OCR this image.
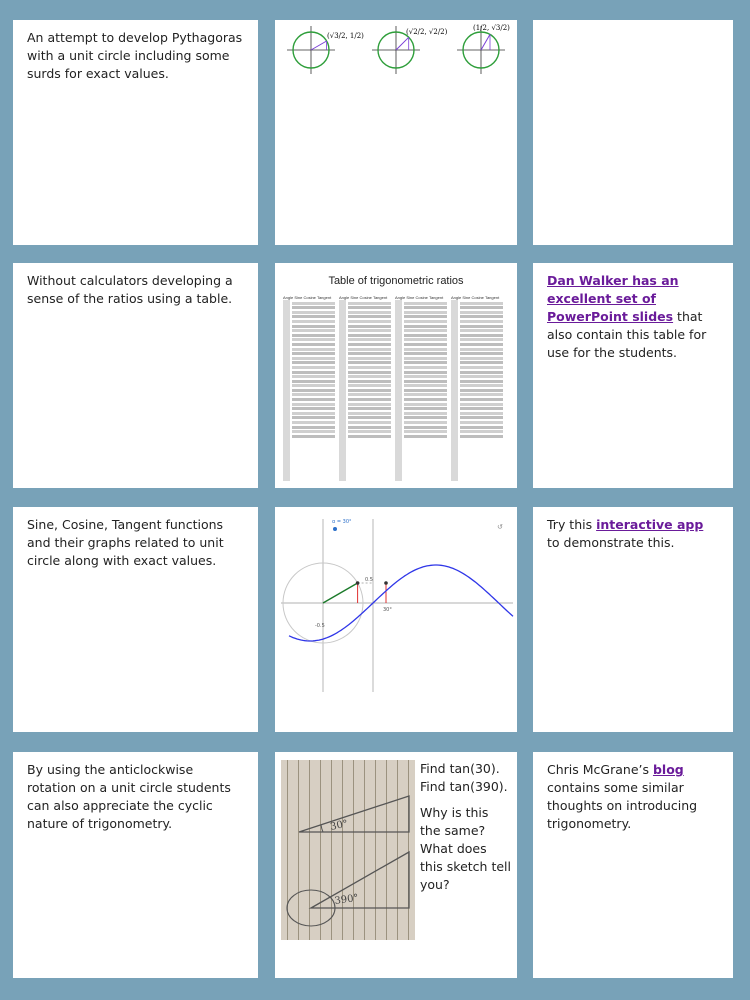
An attempt to develop Pythagoras with a unit circle including some surds for exact values.

(√3/2, 1/2)	(√2/2, √2/2)	(1/2, √3/2)

Without calculators developing a sense of the ratios using a table.

Table of trigonometric ratios
Angle Sine Cosine Tangent	Angle Sine Cosine Tangent	Angle Sine Cosine Tangent	Angle Sine Cosine Tangent

Dan Walker has an excellent set of PowerPoint slides that also contain this table for use for the students.

Sine, Cosine, Tangent functions and their graphs related to unit circle along with exact values.

α = 30°
30°
0.5
-0.5
↺	Try this interactive app to demonstrate this.

By using the anticlockwise rotation on a unit circle students can also appreciate the cyclic nature of trigonometry.	30°
390°
Find tan(30).
Find tan(390).
Why is this the same? What does this sketch tell you?

Chris McGrane’s blog contains some similar thoughts on introducing trigonometry.
